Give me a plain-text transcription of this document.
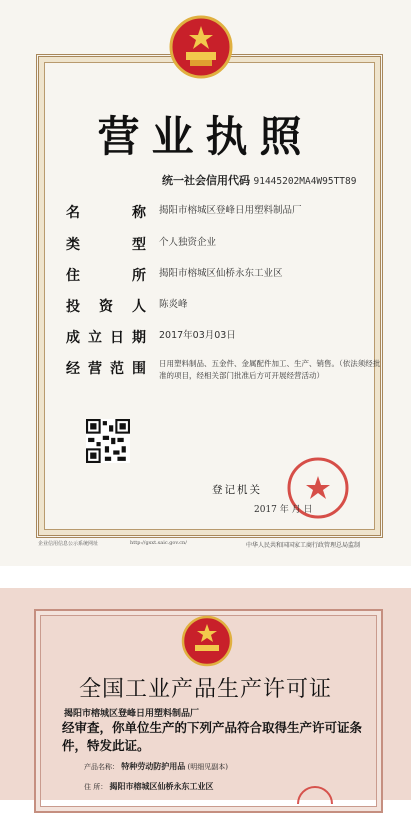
营业执照
统一社会信用代码 91445202MA4W95TT89
名	称 揭阳市榕城区登峰日用塑料制品厂
类	型 个人独资企业
住	所 揭阳市榕城区仙桥永东工业区
投 资 人 陈炎峰
成 立 日 期 2017年03月03日
经 营 范 围 日用塑料制品、五金件、金属配件加工、生产、销售。（依法须经批准的项目，经相关部门批准后方可开展经营活动）
登记机关
2017 年 月 日
企业信用信息公示系统网址	http://gsxt.saic.gov.cn/	中华人民共和国国家工商行政管理总局监制
全国工业产品生产许可证
揭阳市榕城区登峰日用塑料制品厂
经审查，你单位生产的下列产品符合取得生产许可证条件，特发此证。
产品名称： 特种劳动防护用品 (明细见副本)
住 所： 揭阳市榕城区仙桥永东工业区
